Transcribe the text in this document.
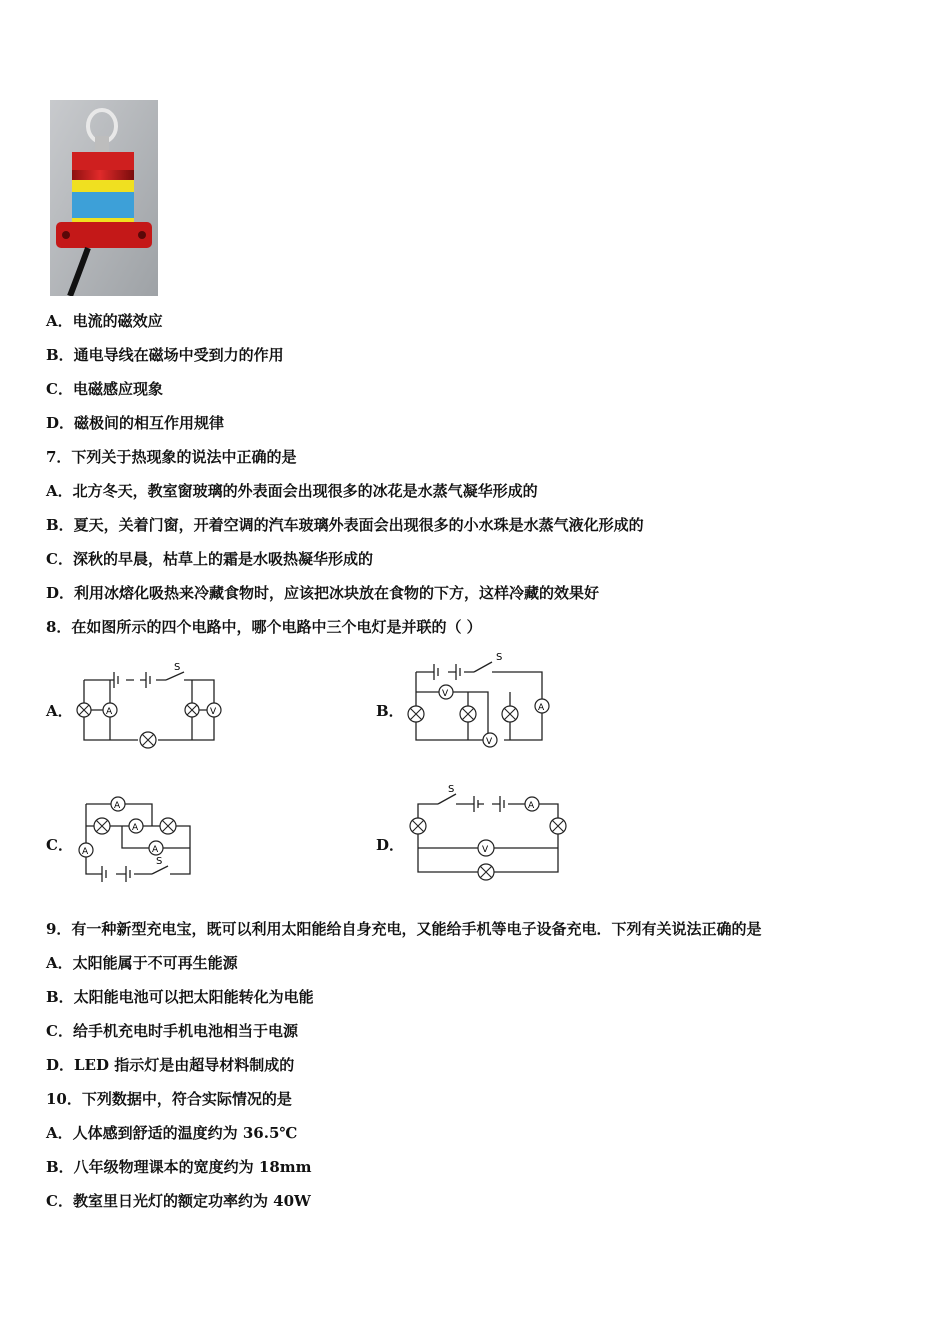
A．电流的磁效应
B．通电导线在磁场中受到力的作用
C．电磁感应现象
D．磁极间的相互作用规律
7．下列关于热现象的说法中正确的是
A．北方冬天，教室窗玻璃的外表面会出现很多的冰花是水蒸气凝华形成的
B．夏天，关着门窗，开着空调的汽车玻璃外表面会出现很多的小水珠是水蒸气液化形成的
C．深秋的早晨，枯草上的霜是水吸热凝华形成的
D．利用冰熔化吸热来冷藏食物时，应该把冰块放在食物的下方，这样冷藏的效果好
8．在如图所示的四个电路中，哪个电路中三个电灯是并联的（ ）
A．	B．
C．	D．
S
A	V
S
V
A
V
S
A
A
A
A
S
A
V
9．有一种新型充电宝，既可以利用太阳能给自身充电，又能给手机等电子设备充电．下列有关说法正确的是
A．太阳能属于不可再生能源
B．太阳能电池可以把太阳能转化为电能
C．给手机充电时手机电池相当于电源
D．LED 指示灯是由超导材料制成的
10．下列数据中，符合实际情况的是
A．人体感到舒适的温度约为 36.5℃
B．八年级物理课本的宽度约为 18mm
C．教室里日光灯的额定功率约为 40W
